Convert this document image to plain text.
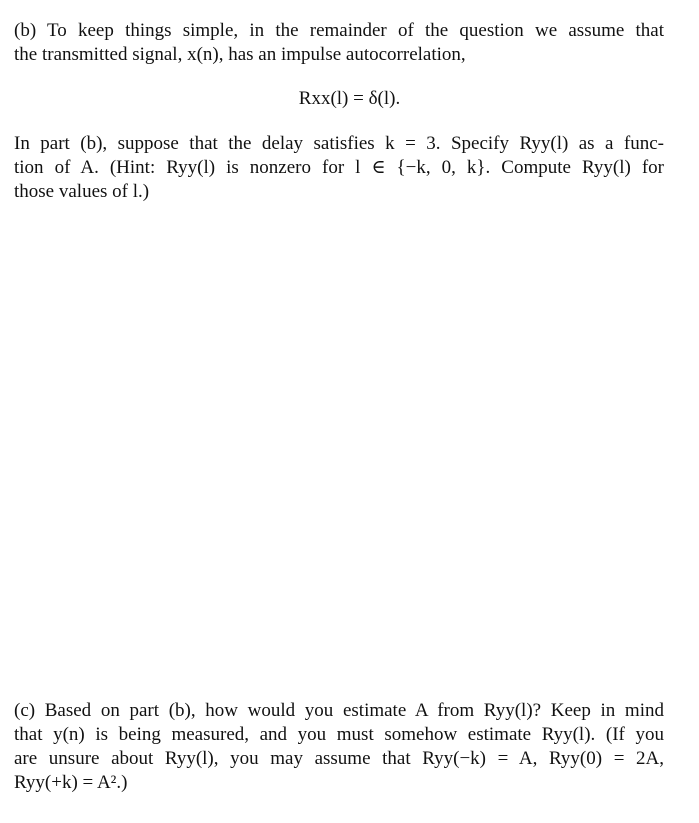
(b) To keep things simple, in the remainder of the question we assume that
the transmitted signal, x(n), has an impulse autocorrelation,
Rxx(l) = δ(l).
In part (b), suppose that the delay satisfies k = 3. Specify Ryy(l) as a func-
tion of A. (Hint: Ryy(l) is nonzero for l ∈ {−k, 0, k}. Compute Ryy(l) for
those values of l.)
(c) Based on part (b), how would you estimate A from Ryy(l)? Keep in mind
that y(n) is being measured, and you must somehow estimate Ryy(l). (If you
are unsure about Ryy(l), you may assume that Ryy(−k) = A, Ryy(0) = 2A,
Ryy(+k) = A².)
